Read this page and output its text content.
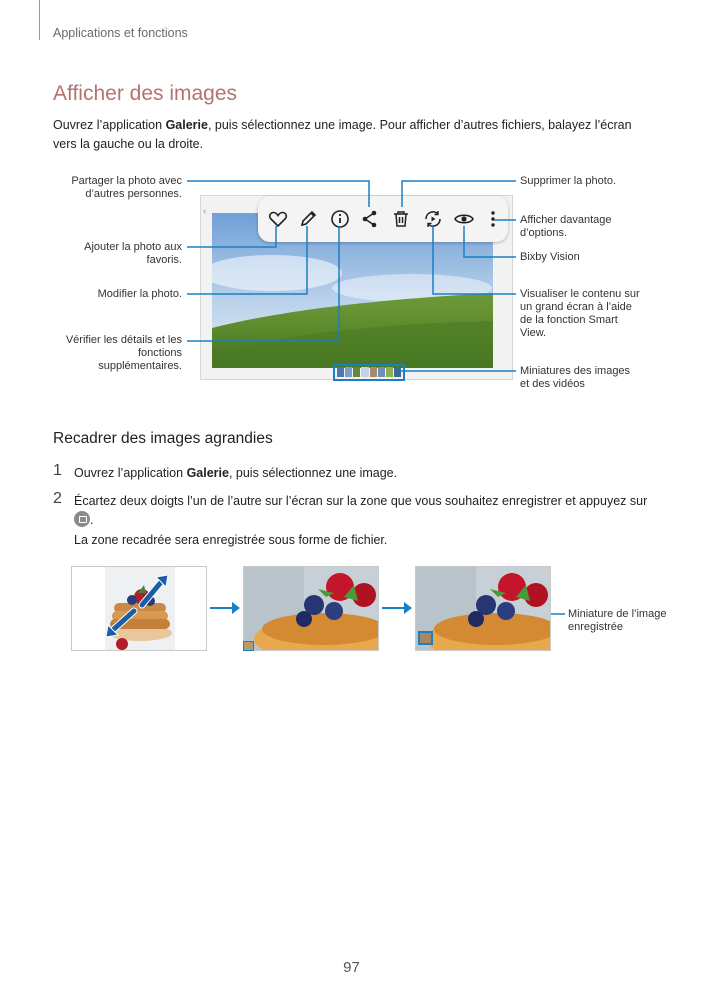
Applications et fonctions
Afficher des images
Ouvrez l’application Galerie, puis sélectionnez une image. Pour afficher d’autres fichiers, balayez l’écran vers la gauche ou la droite.
‹
Partager la photo avec d’autres personnes.
Ajouter la photo aux favoris.
Modifier la photo.
Vérifier les détails et les fonctions supplémentaires.
Supprimer la photo.
Afficher davantage d’options.
Bixby Vision
Visualiser le contenu sur un grand écran à l’aide de la fonction Smart View.
Miniatures des images et des vidéos
Recadrer des images agrandies
1 Ouvrez l’application Galerie, puis sélectionnez une image.
2 Écartez deux doigts l’un de l’autre sur l’écran sur la zone que vous souhaitez enregistrer et appuyez sur
.
La zone recadrée sera enregistrée sous forme de fichier.
Miniature de l’image enregistrée
97
